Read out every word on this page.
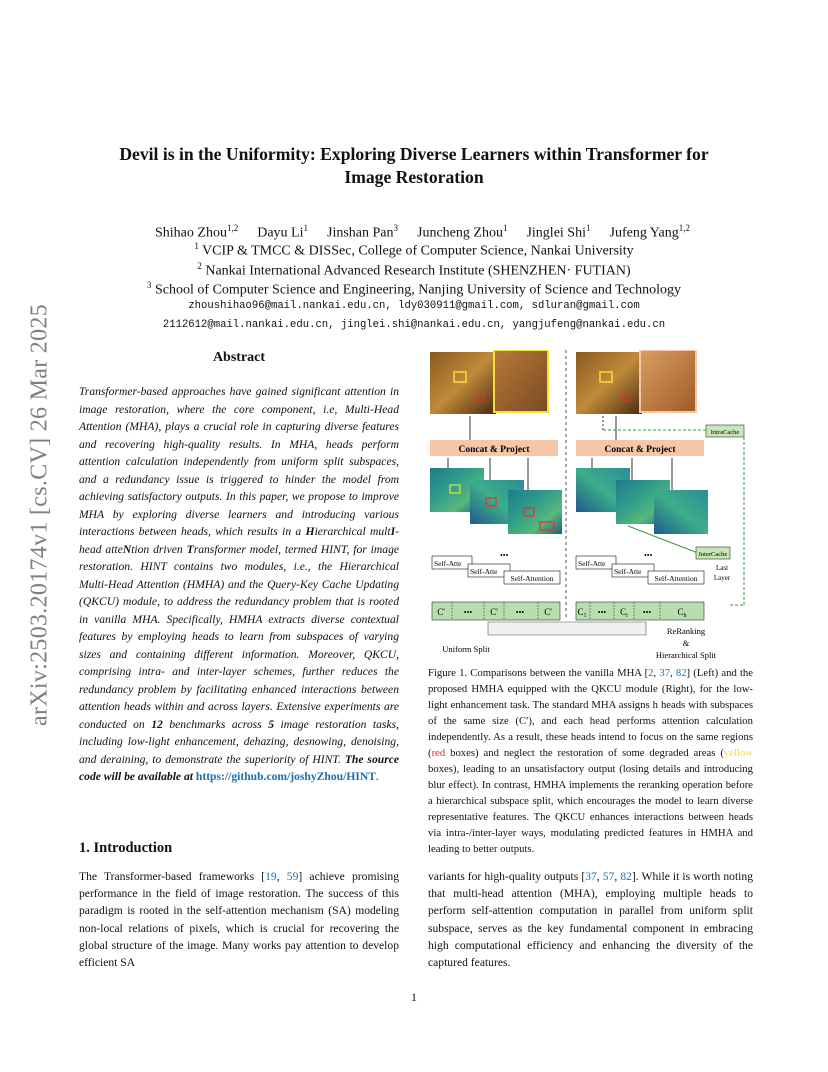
Devil is in the Uniformity: Exploring Diverse Learners within Transformer for
Image Restoration
Shihao Zhou$^{1,2}$ Dayu Li$^1$ Jinshan Pan$^3$ Juncheng Zhou$^1$ Jinglei Shi$^1$ Jufeng Yang$^{1,2}$
$^1$ VCIP & TMCC & DISSec, College of Computer Science, Nankai University
$^2$ Nankai International Advanced Research Institute (SHENZHEN· FUTIAN)
$^3$ School of Computer Science and Engineering, Nanjing University of Science and Technology
zhoushihao96@mail.nankai.edu.cn, ldy030911@gmail.com, sdluran@gmail.com
2112612@mail.nankai.edu.cn, jinglei.shi@nankai.edu.cn, yangjufeng@nankai.edu.cn
arXiv:2503.20174v1 [cs.CV] 26 Mar 2025	Abstract
Transformer-based approaches have gained significant attention in image restoration, where the core component, i.e, Multi-Head Attention (MHA), plays a crucial role in capturing diverse features and recovering high-quality results. In MHA, heads perform attention calculation independently from uniform split subspaces, and a redundancy issue is triggered to hinder the model from achieving satisfactory outputs. In this paper, we propose to improve MHA by exploring diverse learners and introducing various interactions between heads, which results in a Hierarchical multI-head atteNtion driven Transformer model, termed HINT, for image restoration. HINT contains two modules, i.e., the Hierarchical Multi-Head Attention (HMHA) and the Query-Key Cache Updating (QKCU) module, to address the redundancy problem that is rooted in vanilla MHA. Specifically, HMHA extracts diverse contextual features by employing heads to learn from subspaces of varying sizes and containing different information. Moreover, QKCU, comprising intra- and inter-layer schemes, further reduces the redundancy problem by facilitating enhanced interactions between attention heads within and across layers. Extensive experiments are conducted on 12 benchmarks across 5 image restoration tasks, including low-light enhancement, dehazing, desnowing, denoising, and deraining, to demonstrate the superiority of HINT. The source code will be available at https://github.com/joshyZhou/HINT.
1. Introduction
The Transformer-based frameworks [19, 59] achieve promising performance in the field of image restoration. The success of this paradigm is rooted in the self-attention mechanism (SA) modeling non-local relations of pixels, which is crucial for recovering the global structure of the image. Many works pay attention to develop efficient SA
variants for high-quality outputs [37, 57, 82]. While it is worth noting that multi-head attention (MHA), employing multiple heads to perform self-attention computation in parallel from uniform split subspace, serves as the key fundamental component in embracing high computational efficiency and enhancing the diversity of the captured features.
Figure 1. Comparisons between the vanilla MHA [2, 37, 82] (Left) and the proposed HMHA equipped with the QKCU module (Right), for the low-light enhancement task. The standard MHA assigns h heads with subspaces of the same size (C′), and each head performs attention calculation independently. As a result, these heads intend to focus on the same regions (red boxes) and neglect the restoration of some degraded areas (yellow boxes), leading to an unsatisfactory output (losing details and introducing blur effect). In contrast, HMHA implements the reranking operation before a hierarchical subspace split, which encourages the model to learn diverse representative features. The QKCU enhances interactions between heads via intra-/inter-layer ways, modulating predicted features in HMHA and leading to better outputs.
Concat & Project	Concat & Project
IntraCache
InterCache
Last
Layer
Self-Atte
Self-Atte
Self-Attention
•••
Self-Atte
Self-Atte
Self-Attention
•••
C' ••• C' ••• C'	$C_1$ ••• $C_i$ •••	$C_h$
Uniform Split
ReRanking
&
Hierarchical Split
1
